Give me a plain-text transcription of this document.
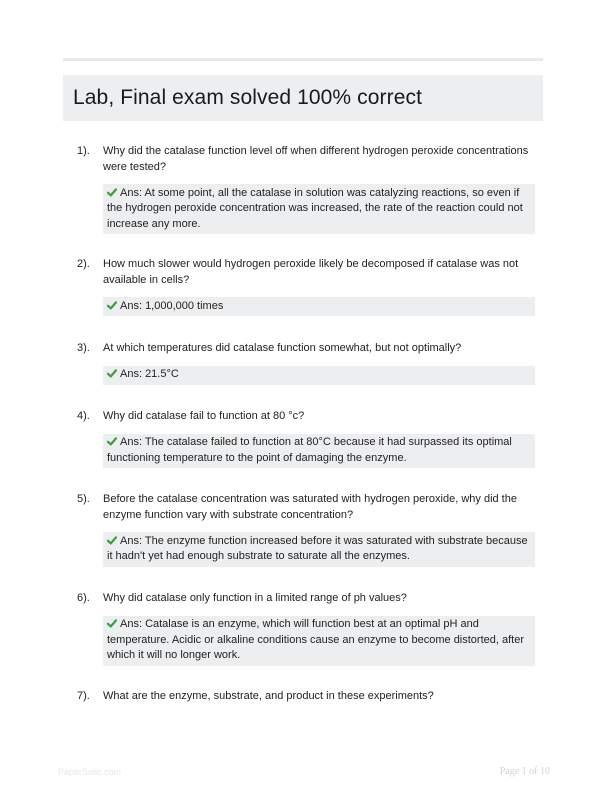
Lab, Final exam solved 100% correct
1).	Why did the catalase function level off when different hydrogen peroxide concentrations were tested?
Ans: At some point, all the catalase in solution was catalyzing reactions, so even if the hydrogen peroxide concentration was increased, the rate of the reaction could not increase any more.
2).	How much slower would hydrogen peroxide likely be decomposed if catalase was not available in cells?
Ans: 1,000,000 times
3).	At which temperatures did catalase function somewhat, but not optimally?
Ans: 21.5°C
4).	Why did catalase fail to function at 80 °c?
Ans: The catalase failed to function at 80°C because it had surpassed its optimal functioning temperature to the point of damaging the enzyme.
5).	Before the catalase concentration was saturated with hydrogen peroxide, why did the enzyme function vary with substrate concentration?
Ans: The enzyme function increased before it was saturated with substrate because it hadn't yet had enough substrate to saturate all the enzymes.
6).	Why did catalase only function in a limited range of ph values?
Ans: Catalase is an enzyme, which will function best at an optimal pH and temperature. Acidic or alkaline conditions cause an enzyme to become distorted, after which it will no longer work.
7).	What are the enzyme, substrate, and product in these experiments?
PaperSolic.com	Page 1 of 10
